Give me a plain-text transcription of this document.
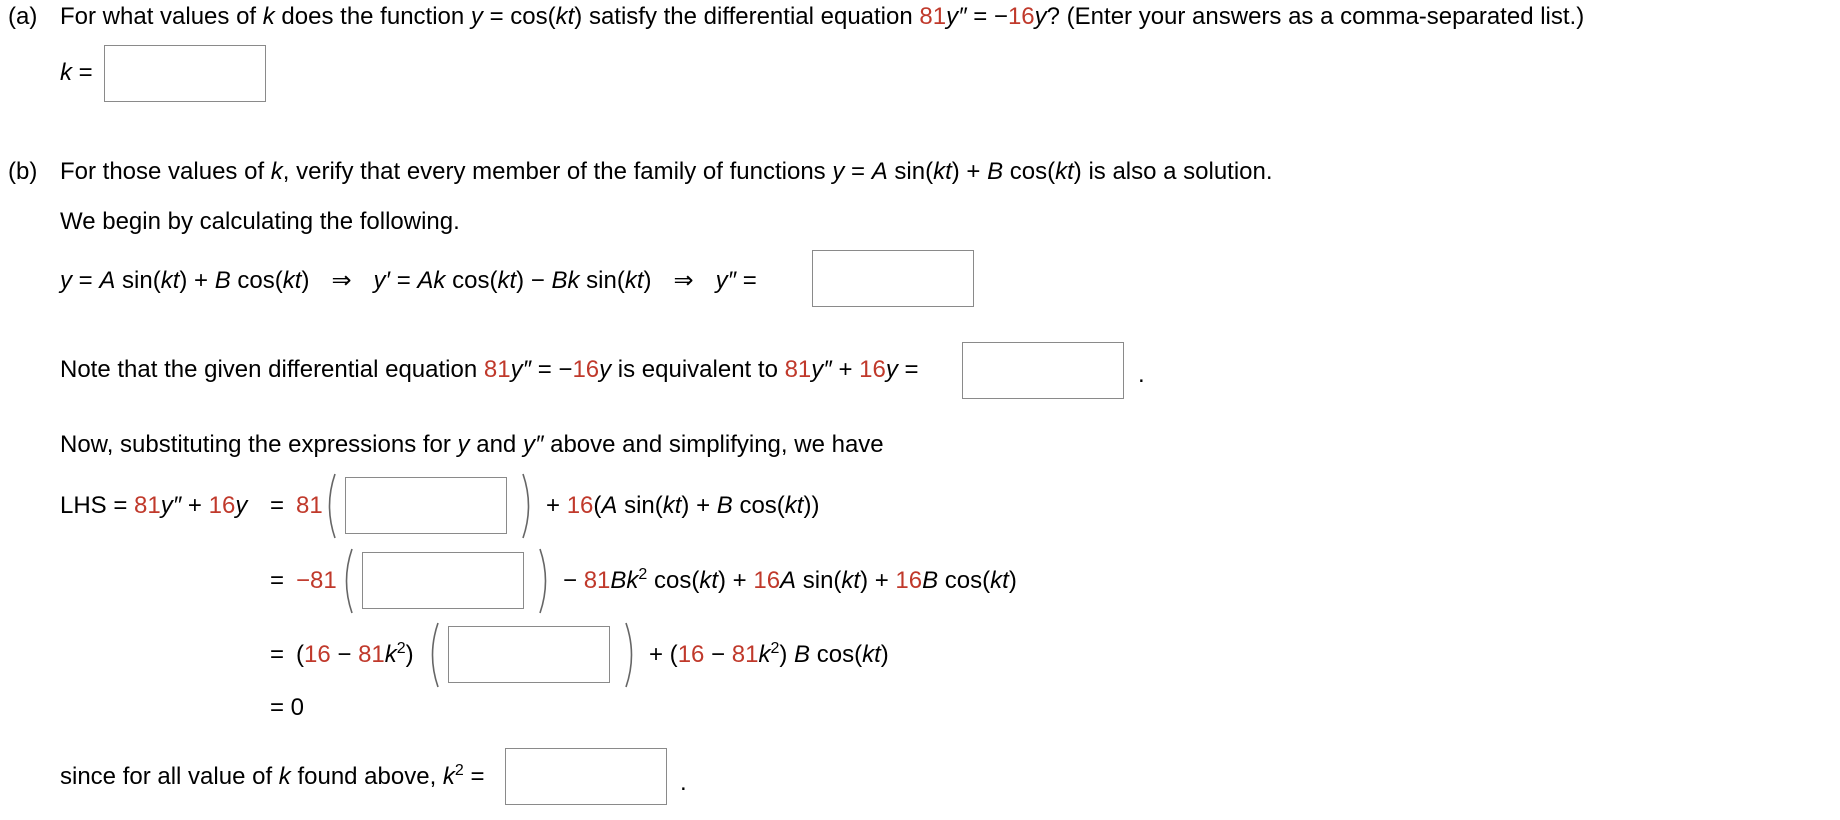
(a) For what values of k does the function y = cos(kt) satisfy the differential equation 81y″ = −16y? (Enter your answers as a comma-separated list.)
k =
(b) For those values of k, verify that every member of the family of functions y = A sin(kt) + B cos(kt) is also a solution.
We begin by calculating the following.
y = A sin(kt) + B cos(kt) ⇒ y′ = Ak cos(kt) − Bk sin(kt) ⇒ y″ =
Note that the given differential equation 81y″ = −16y is equivalent to 81y″ + 16y =	.
Now, substituting the expressions for y and y″ above and simplifying, we have
LHS = 81y″ + 16y = 81	+ 16(A sin(kt) + B cos(kt))
= −81	− $81Bk^2$ cos(kt) + 16A sin(kt) + 16B cos(kt)
= $(16 - 81k^2)$	+ $(16 - 81k^2)$ B cos(kt)
= 0
since for all value of k found above, $k^2$ =	.
